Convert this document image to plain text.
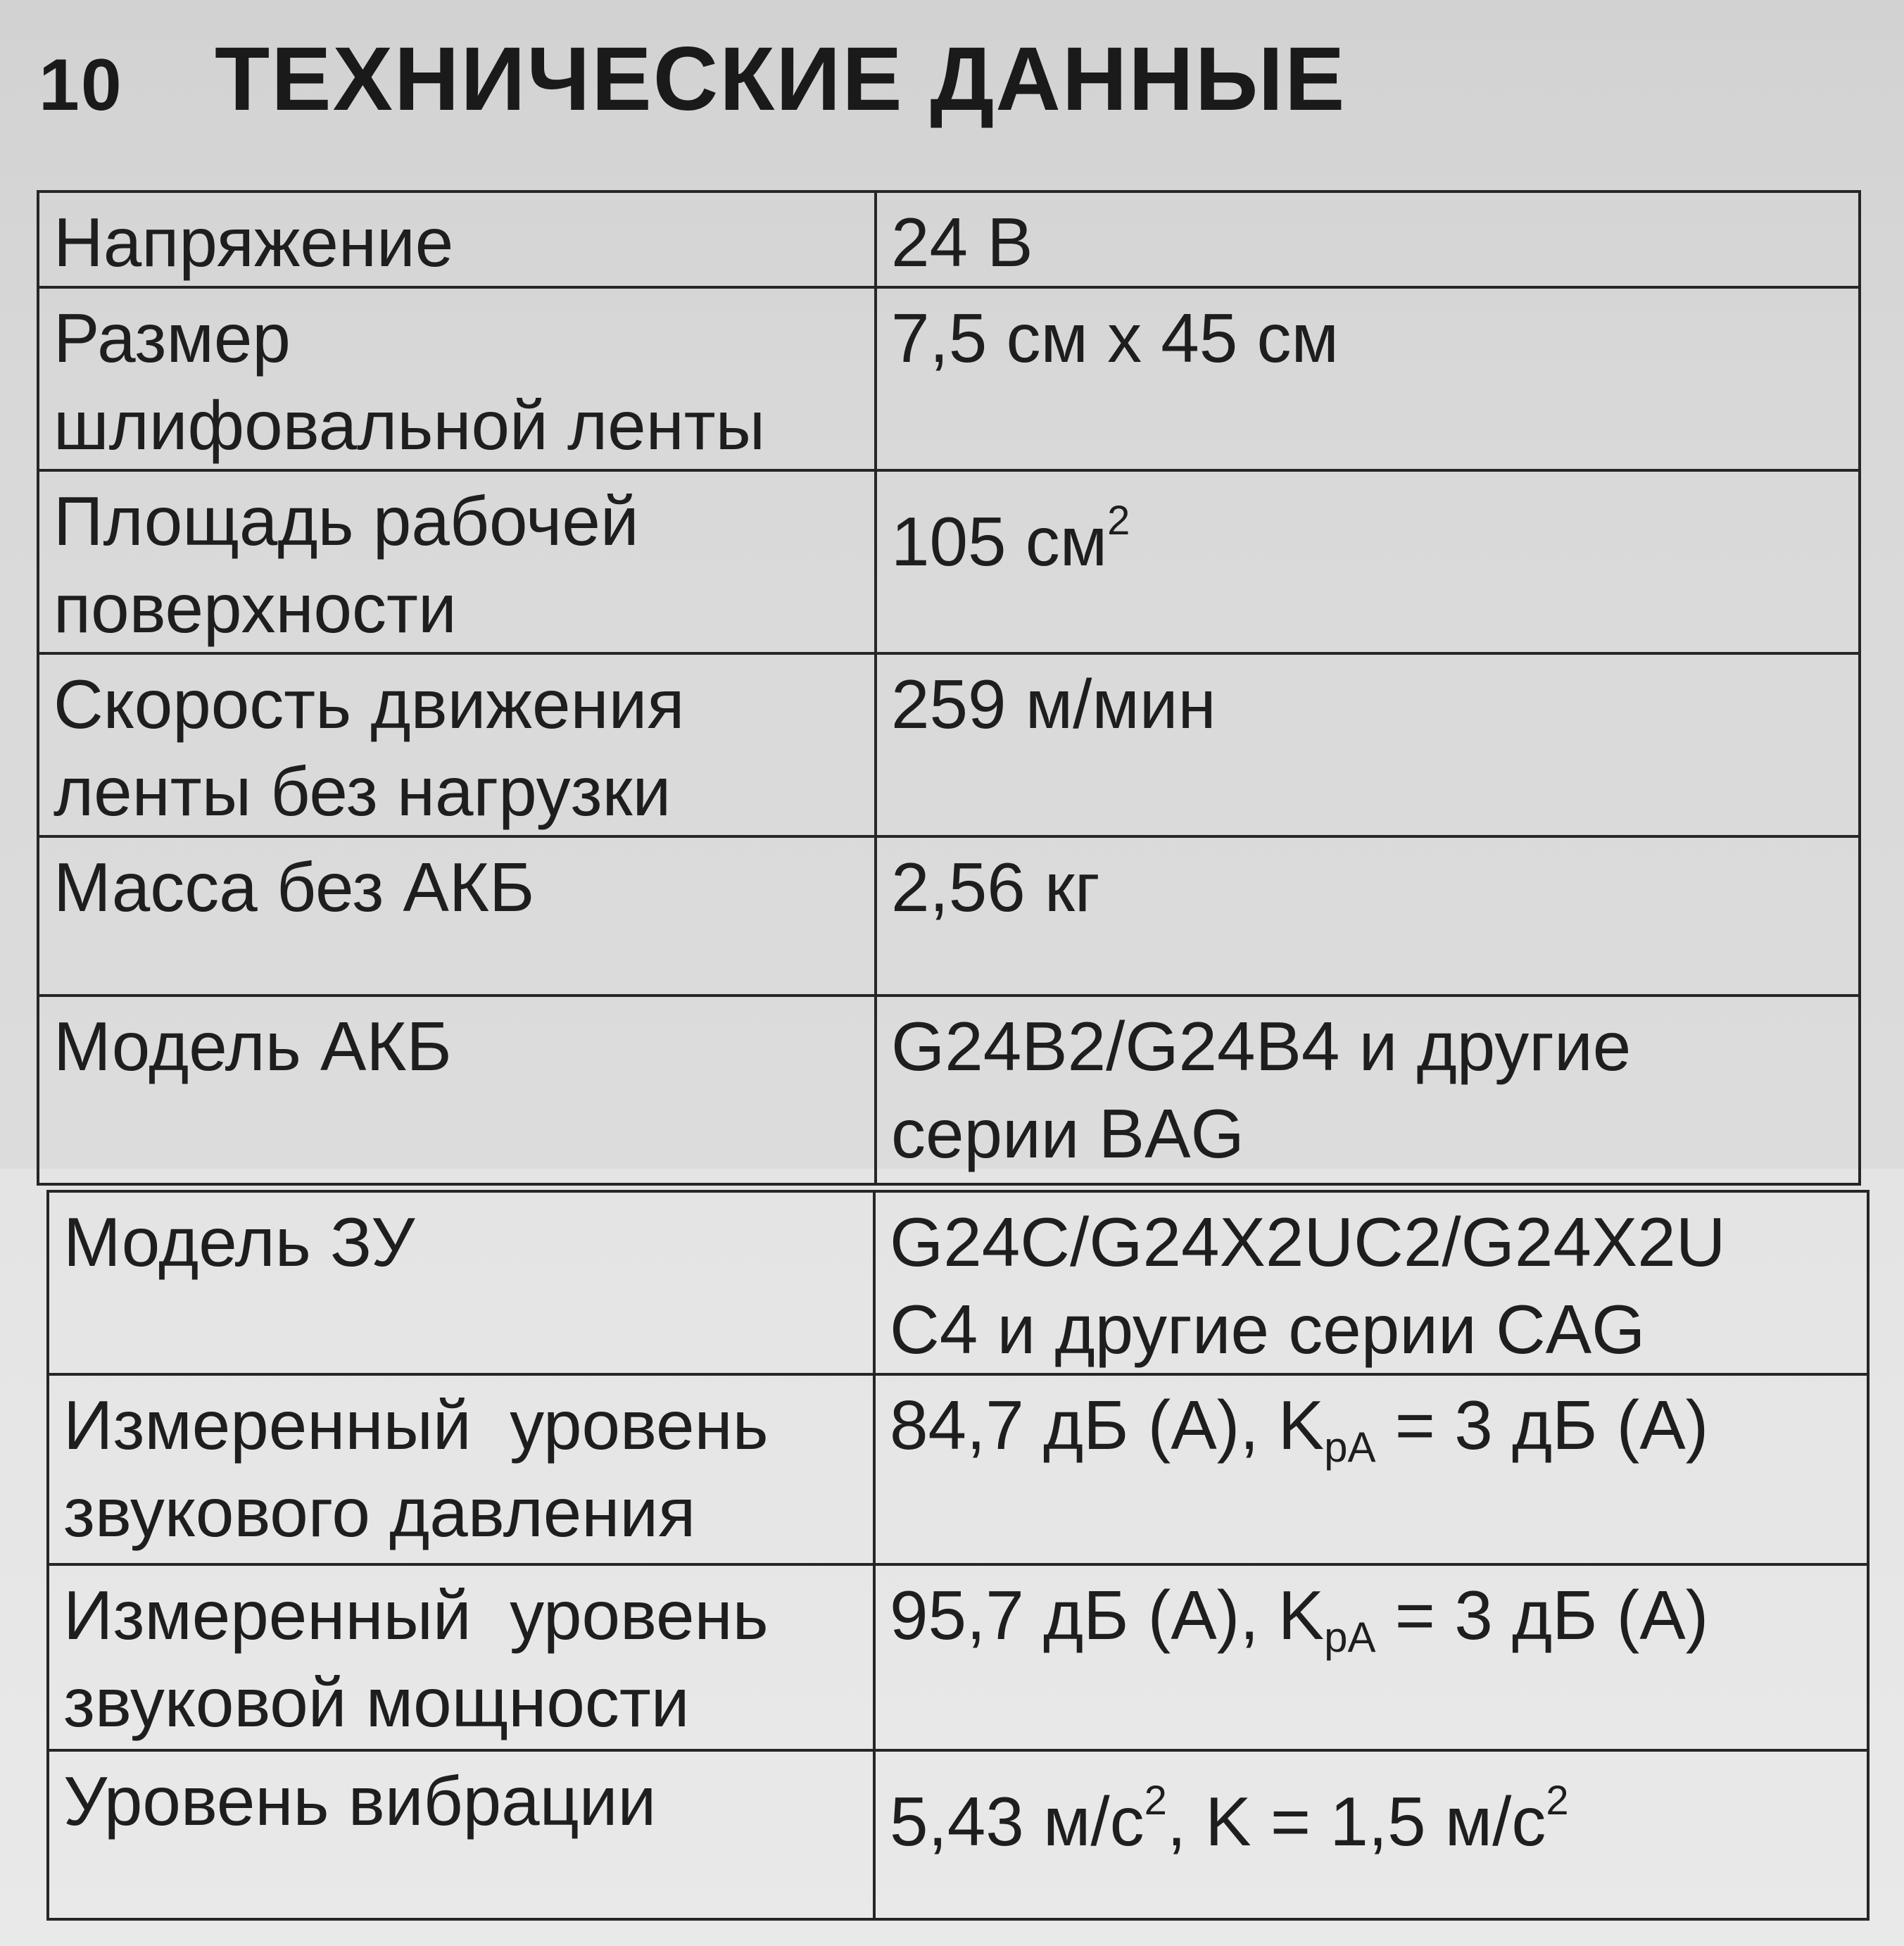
10 ТЕХНИЧЕСКИЕ ДАННЫЕ
Напряжение	24 В
Размер
шлифовальной ленты	7,5 см х 45 см
Площадь рабочей
поверхности	105 $см^2$
Скорость движения
ленты без нагрузки	259 м/мин
Масса без АКБ	2,56 кг
Модель АКБ	G24B2/G24B4 и другие
серии BAG
Модель ЗУ	G24C/G24X2UC2/G24X2U
C4 и другие серии CAG
Измеренный  уровень
звукового давления	84,7 дБ (А), $K_{pA} = 3$ дБ (А)
Измеренный  уровень
звуковой мощности	95,7 дБ (А), $K_{pA} = 3$ дБ (А)
Уровень вибрации	5,43 $м/с^2$, K = 1,5 $м/с^2$
